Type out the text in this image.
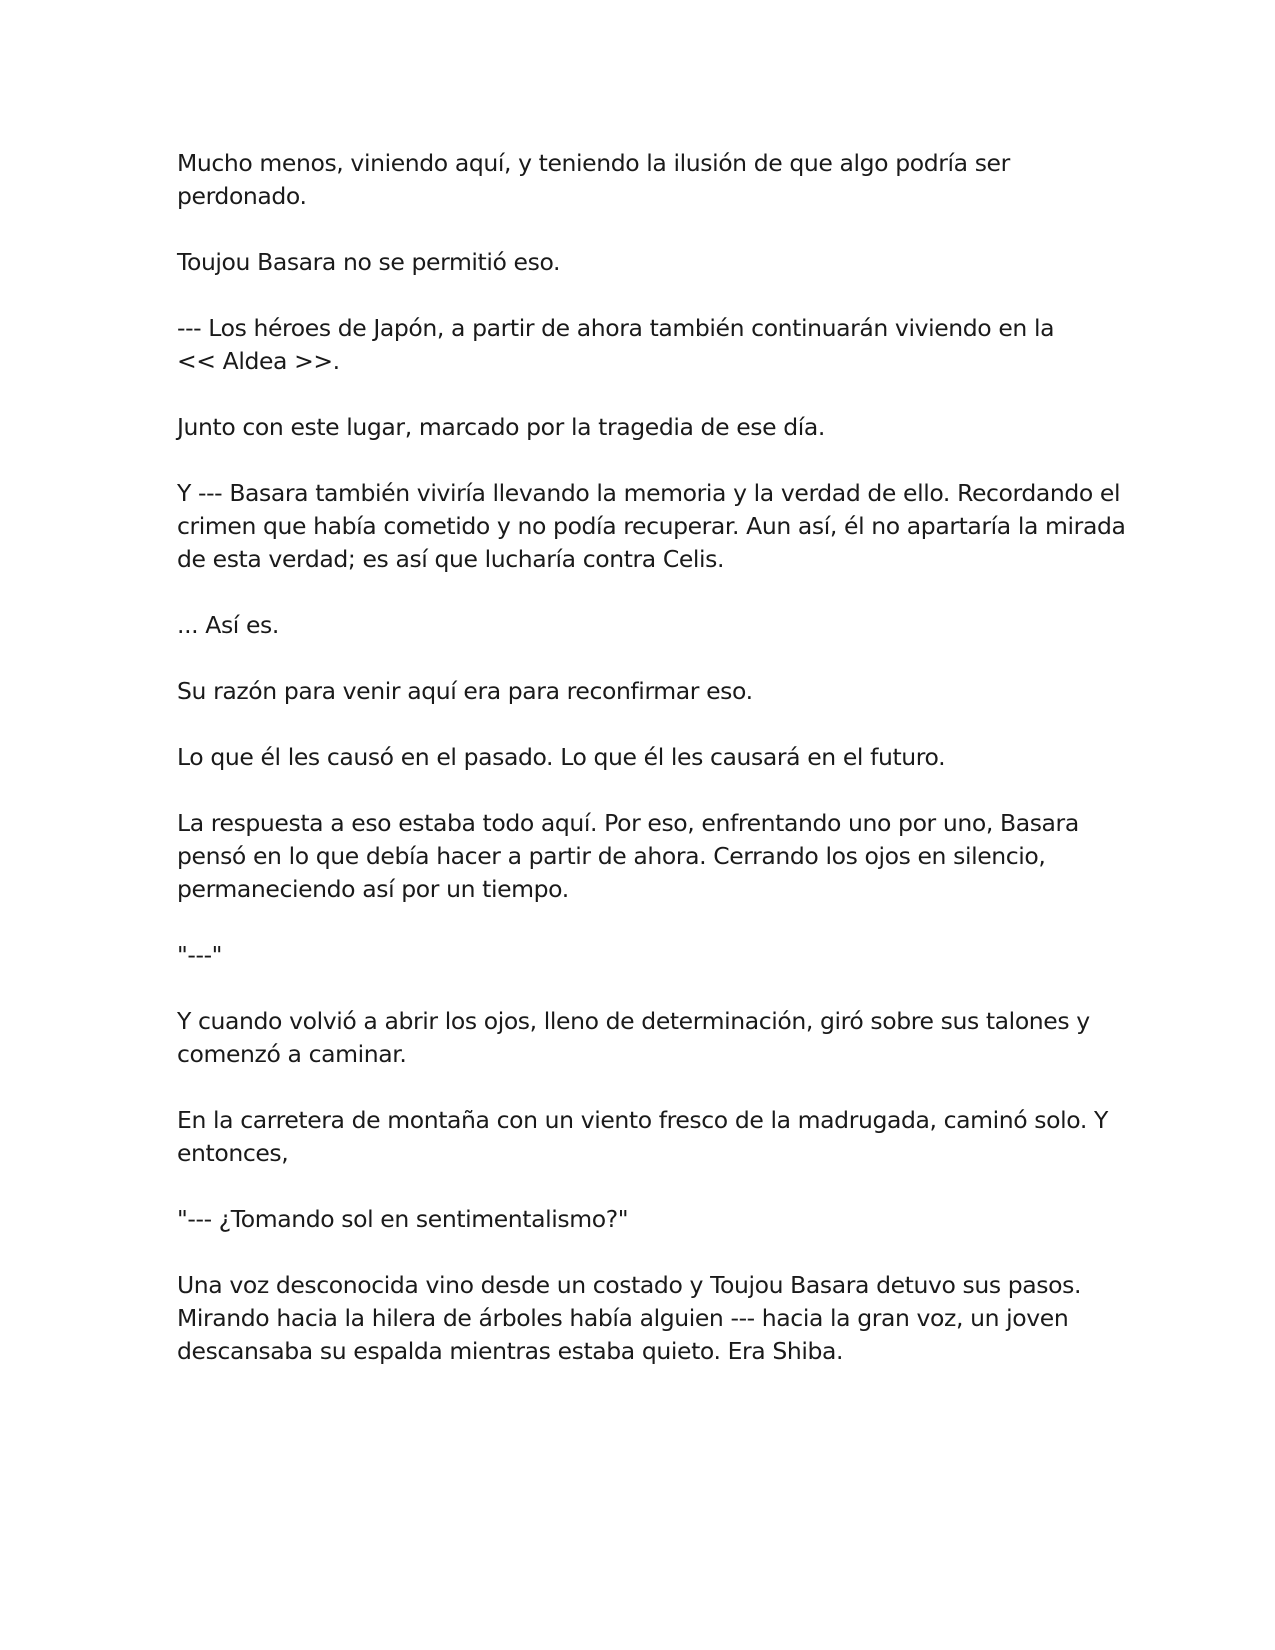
Mucho menos, viniendo aquí, y teniendo la ilusión de que algo podría ser
perdonado.

Toujou Basara no se permitió eso.

--- Los héroes de Japón, a partir de ahora también continuarán viviendo en la
<< Aldea >>.

Junto con este lugar, marcado por la tragedia de ese día.

Y --- Basara también viviría llevando la memoria y la verdad de ello. Recordando el
crimen que había cometido y no podía recuperar. Aun así, él no apartaría la mirada
de esta verdad; es así que lucharía contra Celis.

... Así es.

Su razón para venir aquí era para reconfirmar eso.

Lo que él les causó en el pasado. Lo que él les causará en el futuro.

La respuesta a eso estaba todo aquí. Por eso, enfrentando uno por uno, Basara
pensó en lo que debía hacer a partir de ahora. Cerrando los ojos en silencio,
permaneciendo así por un tiempo.

"---"

Y cuando volvió a abrir los ojos, lleno de determinación, giró sobre sus talones y
comenzó a caminar.

En la carretera de montaña con un viento fresco de la madrugada, caminó solo. Y
entonces,

"--- ¿Tomando sol en sentimentalismo?"

Una voz desconocida vino desde un costado y Toujou Basara detuvo sus pasos.
Mirando hacia la hilera de árboles había alguien --- hacia la gran voz, un joven
descansaba su espalda mientras estaba quieto. Era Shiba.
